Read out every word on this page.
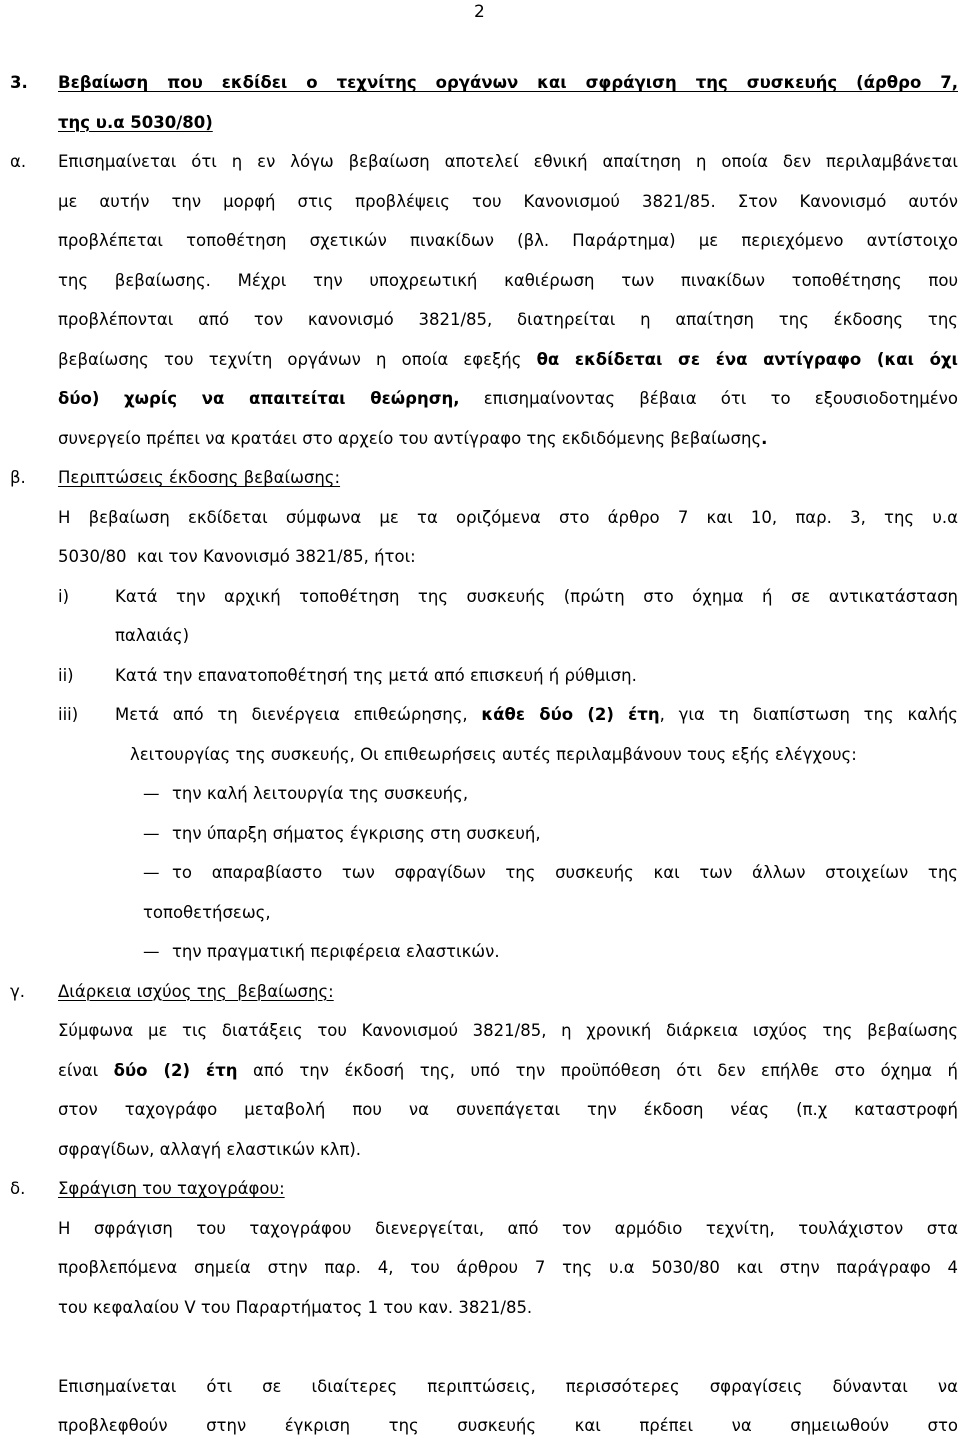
2
3. Βεβαίωση που εκδίδει ο τεχνίτης οργάνων και σφράγιση της συσκευής (άρθρο 7,
της υ.α 5030/80)
α. Επισημαίνεται ότι η εν λόγω βεβαίωση αποτελεί εθνική απαίτηση η οποία δεν περιλαμβάνεται
με αυτήν την μορφή στις προβλέψεις του Κανονισμού 3821/85. Στον Κανονισμό αυτόν
προβλέπεται τοποθέτηση σχετικών πινακίδων (βλ. Παράρτημα) με περιεχόμενο αντίστοιχο
της βεβαίωσης. Μέχρι την υποχρεωτική καθιέρωση των πινακίδων τοποθέτησης που
προβλέπονται από τον κανονισμό 3821/85, διατηρείται η απαίτηση της έκδοσης της
βεβαίωσης του τεχνίτη οργάνων η οποία εφεξής θα εκδίδεται σε ένα αντίγραφο (και όχι
δύο) χωρίς να απαιτείται θεώρηση, επισημαίνοντας βέβαια ότι το εξουσιοδοτημένο
συνεργείο πρέπει να κρατάει στο αρχείο του αντίγραφο της εκδιδόμενης βεβαίωσης.
β. Περιπτώσεις έκδοσης βεβαίωσης:
Η βεβαίωση εκδίδεται σύμφωνα με τα οριζόμενα στο άρθρο 7 και 10, παρ. 3, της υ.α
5030/80  και τον Κανονισμό 3821/85, ήτοι:
i)	Κατά την αρχική τοποθέτηση της συσκευής (πρώτη στο όχημα ή σε αντικατάσταση
παλαιάς)
ii)	Κατά την επανατοποθέτησή της μετά από επισκευή ή ρύθμιση.
iii) Μετά από τη διενέργεια επιθεώρησης, κάθε δύο (2) έτη, για τη διαπίστωση της καλής
λειτουργίας της συσκευής, Οι επιθεωρήσεις αυτές περιλαμβάνουν τους εξής ελέγχους:
— την καλή λειτουργία της συσκευής,
— την ύπαρξη σήματος έγκρισης στη συσκευή,
— το απαραβίαστο των σφραγίδων της συσκευής και των άλλων στοιχείων της
τοποθετήσεως,
— την πραγματική περιφέρεια ελαστικών.
γ. Διάρκεια ισχύος της  βεβαίωσης:
Σύμφωνα με τις διατάξεις του Κανονισμού 3821/85, η χρονική διάρκεια ισχύος της βεβαίωσης
είναι δύο (2) έτη από την έκδοσή της, υπό την προϋπόθεση ότι δεν επήλθε στο όχημα ή
στον ταχογράφο μεταβολή που να συνεπάγεται την έκδοση νέας (π.χ καταστροφή
σφραγίδων, αλλαγή ελαστικών κλπ).
δ. Σφράγιση του ταχογράφου:
Η σφράγιση του ταχογράφου διενεργείται, από τον αρμόδιο τεχνίτη, τουλάχιστον στα
προβλεπόμενα σημεία στην παρ. 4, του άρθρου 7 της υ.α 5030/80 και στην παράγραφο 4
του κεφαλαίου V του Παραρτήματος 1 του καν. 3821/85.
Επισημαίνεται ότι σε ιδιαίτερες περιπτώσεις, περισσότερες σφραγίσεις δύνανται να
προβλεφθούν στην έγκριση της συσκευής και πρέπει να σημειωθούν στο
